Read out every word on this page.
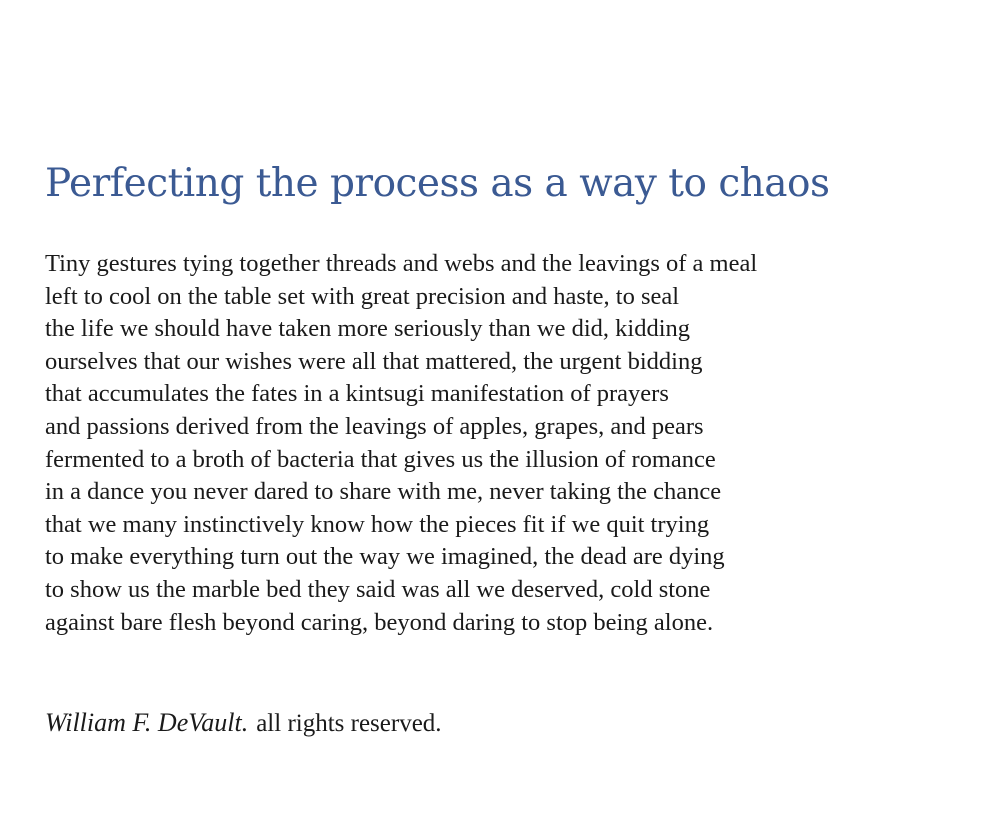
Perfecting the process as a way to chaos
Tiny gestures tying together threads and webs and the leavings of a meal
left to cool on the table set with great precision and haste, to seal
the life we should have taken more seriously than we did, kidding
ourselves that our wishes were all that mattered, the urgent bidding
that accumulates the fates in a kintsugi manifestation of prayers
and passions derived from the leavings of apples, grapes, and pears
fermented to a broth of bacteria that gives us the illusion of romance
in a dance you never dared to share with me, never taking the chance
that we many instinctively know how the pieces fit if we quit trying
to make everything turn out the way we imagined, the dead are dying
to show us the marble bed they said was all we deserved, cold stone
against bare flesh beyond caring, beyond daring to stop being alone.
William F. DeVault. all rights reserved.
